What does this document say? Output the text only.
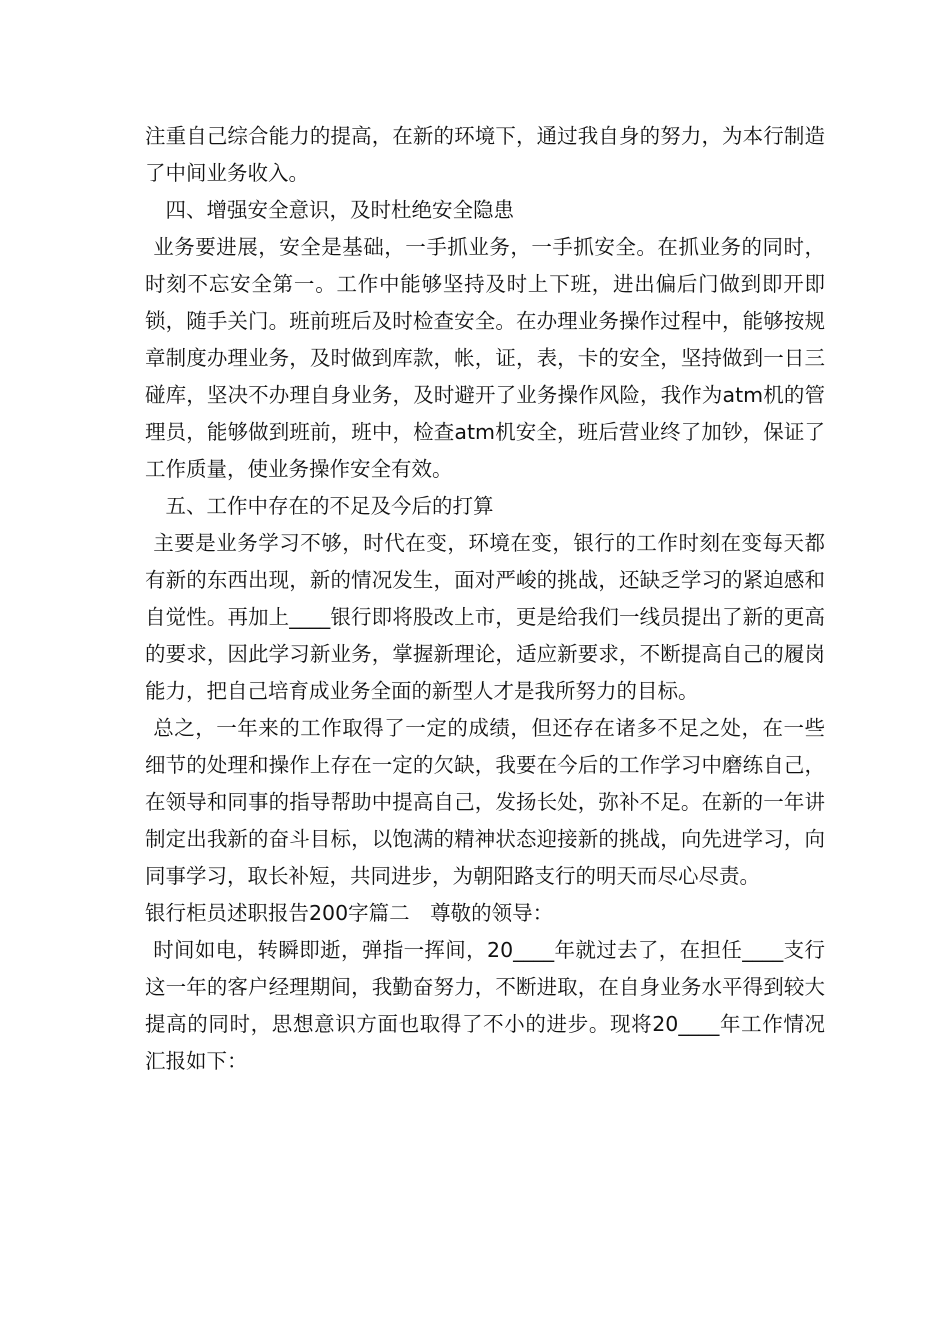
注重自己综合能力的提高，在新的环境下，通过我自身的努力，为本行制造了中间业务收入。

四、增强安全意识，及时杜绝安全隐患

业务要进展，安全是基础，一手抓业务，一手抓安全。在抓业务的同时，时刻不忘安全第一。工作中能够坚持及时上下班，进出偏后门做到即开即锁，随手关门。班前班后及时检查安全。在办理业务操作过程中，能够按规章制度办理业务，及时做到库款，帐，证，表，卡的安全，坚持做到一日三碰库，坚决不办理自身业务，及时避开了业务操作风险，我作为atm机的管理员，能够做到班前，班中，检查atm机安全，班后营业终了加钞，保证了工作质量，使业务操作安全有效。

五、工作中存在的不足及今后的打算

主要是业务学习不够，时代在变，环境在变，银行的工作时刻在变每天都有新的东西出现，新的情况发生，面对严峻的挑战，还缺乏学习的紧迫感和自觉性。再加上____银行即将股改上市，更是给我们一线员提出了新的更高的要求，因此学习新业务，掌握新理论，适应新要求，不断提高自己的履岗能力，把自己培育成业务全面的新型人才是我所努力的目标。

总之，一年来的工作取得了一定的成绩，但还存在诸多不足之处，在一些细节的处理和操作上存在一定的欠缺，我要在今后的工作学习中磨练自己，在领导和同事的指导帮助中提高自己，发扬长处，弥补不足。在新的一年讲制定出我新的奋斗目标，以饱满的精神状态迎接新的挑战，向先进学习，向同事学习，取长补短，共同进步，为朝阳路支行的明天而尽心尽责。

银行柜员述职报告200字篇二　尊敬的领导：

时间如电，转瞬即逝，弹指一挥间，20____年就过去了，在担任____支行这一年的客户经理期间，我勤奋努力，不断进取，在自身业务水平得到较大提高的同时，思想意识方面也取得了不小的进步。现将20____年工作情况汇报如下：
